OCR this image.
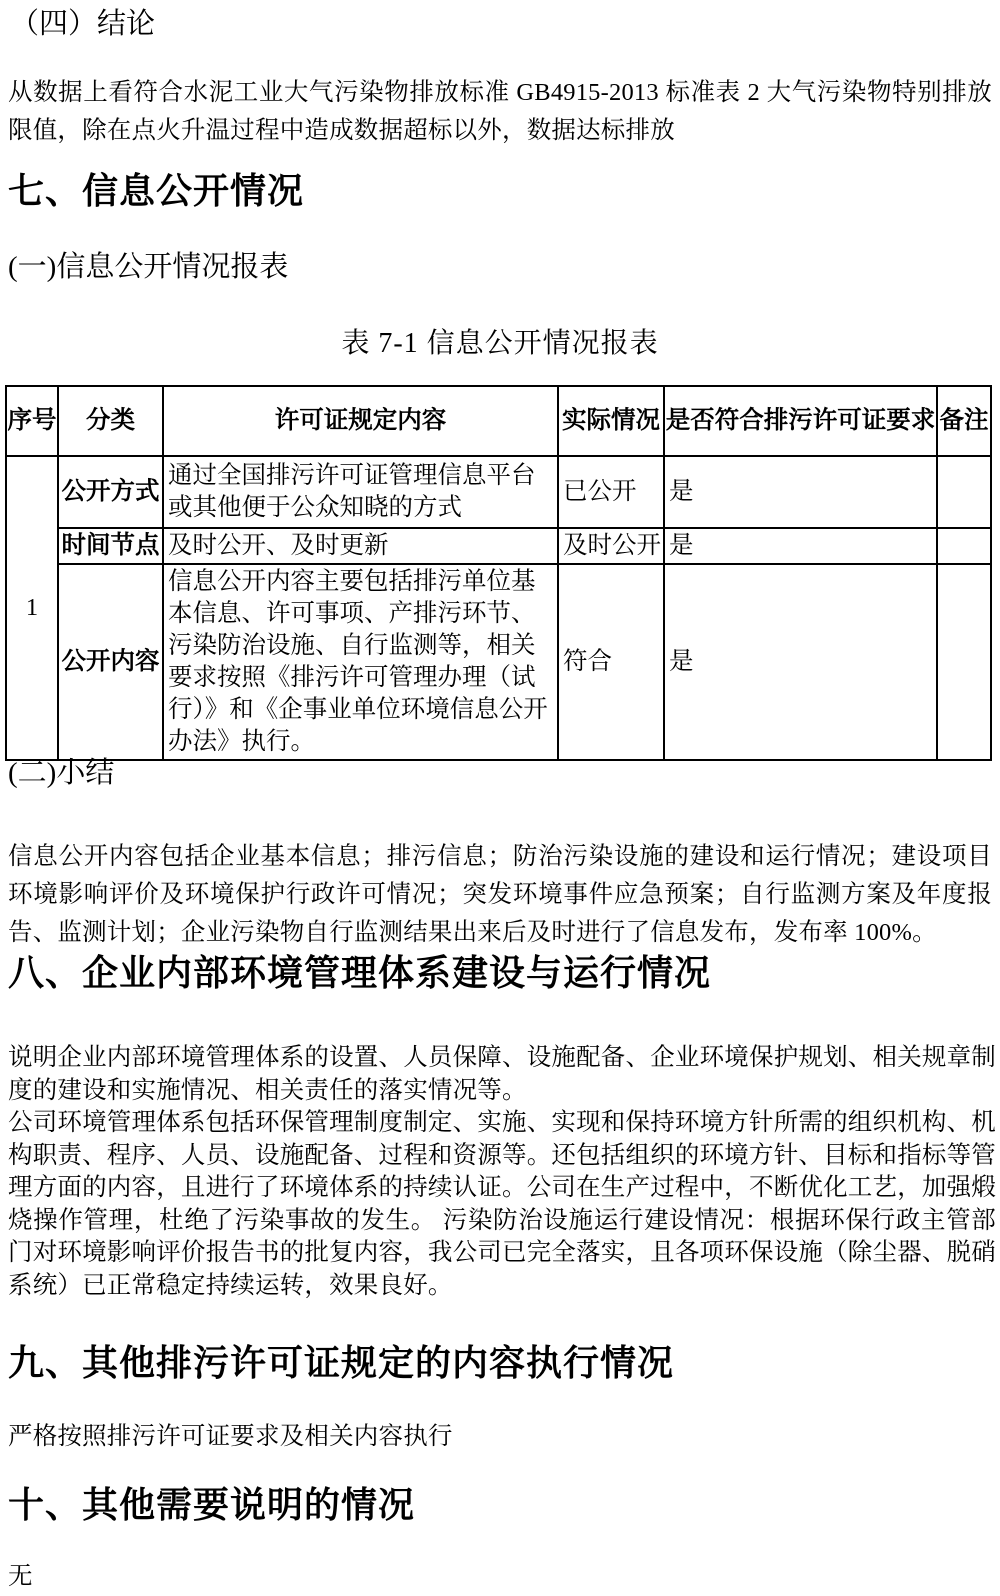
（四）结论
从数据上看符合水泥工业大气污染物排放标准 GB4915-2013 标准表 2 大气污染物特别排放限值，除在点火升温过程中造成数据超标以外，数据达标排放
七、信息公开情况
(一)信息公开情况报表
表 7-1 信息公开情况报表
序号	分类	许可证规定内容	实际情况	是否符合排污许可证要求	备注
1	公开方式	通过全国排污许可证管理信息平台或其他便于公众知晓的方式	已公开	是	
	时间节点	及时公开、及时更新	及时公开	是	
	公开内容	信息公开内容主要包括排污单位基本信息、许可事项、产排污环节、污染防治设施、自行监测等，相关要求按照《排污许可管理办理（试行）》和《企事业单位环境信息公开办法》执行。	符合	是	
(二)小结
信息公开内容包括企业基本信息；排污信息；防治污染设施的建设和运行情况；建设项目环境影响评价及环境保护行政许可情况；突发环境事件应急预案；自行监测方案及年度报告、监测计划；企业污染物自行监测结果出来后及时进行了信息发布，发布率 100%。
八、企业内部环境管理体系建设与运行情况

说明企业内部环境管理体系的设置、人员保障、设施配备、企业环境保护规划、相关规章制度的建设和实施情况、相关责任的落实情况等。

公司环境管理体系包括环保管理制度制定、实施、实现和保持环境方针所需的组织机构、机构职责、程序、人员、设施配备、过程和资源等。还包括组织的环境方针、目标和指标等管理方面的内容，且进行了环境体系的持续认证。公司在生产过程中，不断优化工艺，加强煅烧操作管理，杜绝了污染事故的发生。 污染防治设施运行建设情况：根据环保行政主管部门对环境影响评价报告书的批复内容，我公司已完全落实，且各项环保设施（除尘器、脱硝系统）已正常稳定持续运转，效果良好。

九、其他排污许可证规定的内容执行情况
严格按照排污许可证要求及相关内容执行
十、其他需要说明的情况
无
